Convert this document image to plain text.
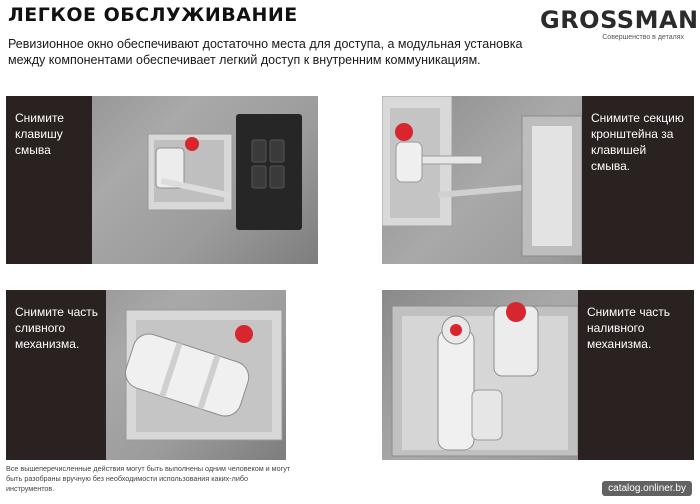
ЛЕГКОЕ ОБСЛУЖИВАНИЕ	GROSSMAN
Совершенство в деталях
Ревизионное окно обеспечивают достаточно места для доступа, а модульная установка между компонентами обеспечивает легкий доступ к внутренним коммуникациям.
Снимите клавишу смыва
Снимите секцию кронштейна за клавишей смыва.
Снимите часть сливного механизма.
Снимите часть наливного механизма.
Все вышеперечисленные действия могут быть выполнены одним человеком и могут быть разобраны вручную без необходимости использования каких-либо инструментов.	catalog.onliner.by
